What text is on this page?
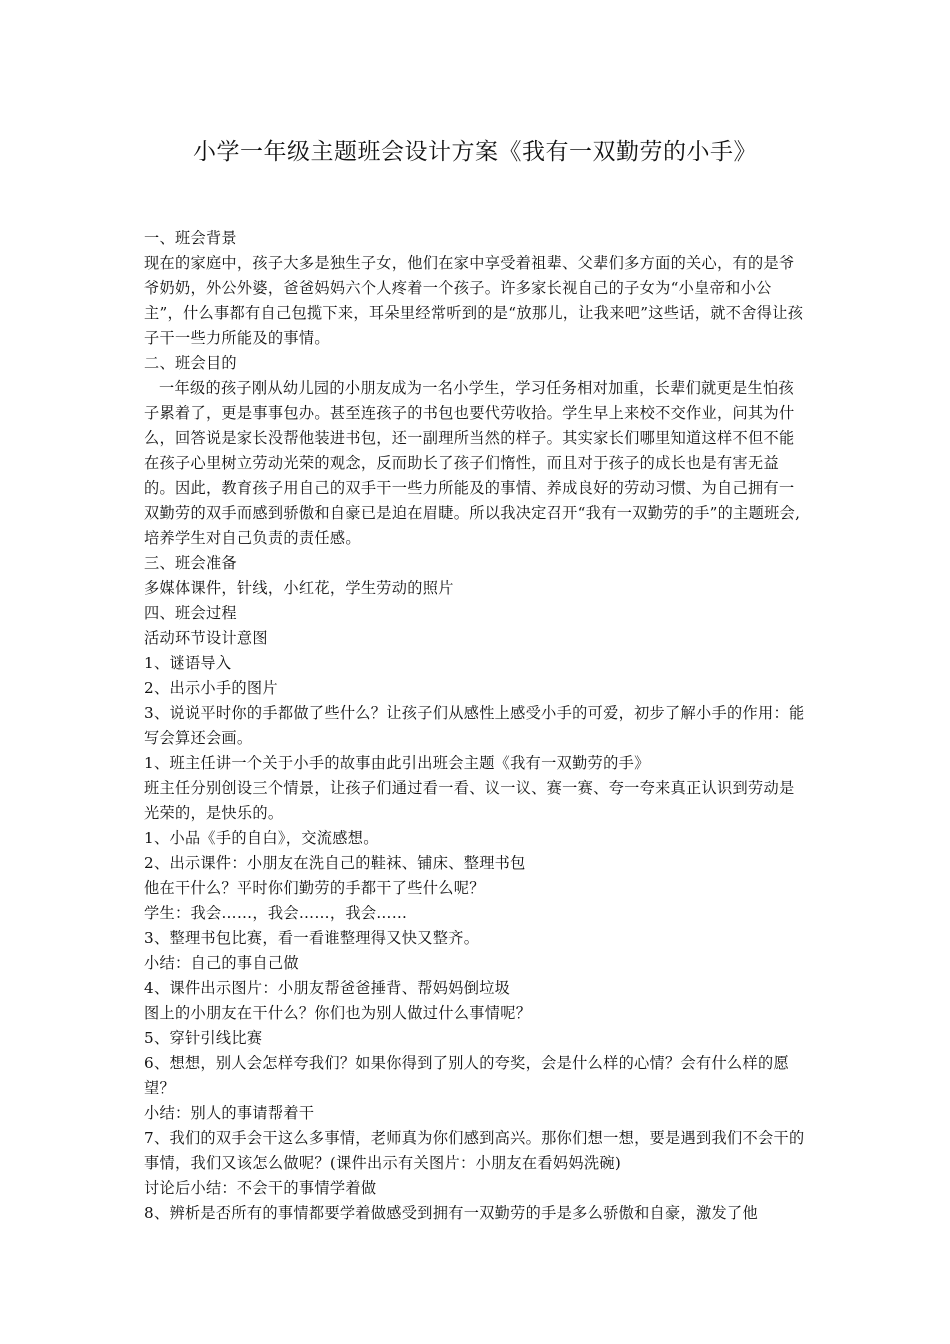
小学一年级主题班会设计方案《我有一双勤劳的小手》

一、班会背景

现在的家庭中，孩子大多是独生子女，他们在家中享受着祖辈、父辈们多方面的关心，有的是爷爷奶奶，外公外婆，爸爸妈妈六个人疼着一个孩子。许多家长视自己的子女为“小皇帝和小公主”，什么事都有自己包揽下来，耳朵里经常听到的是“放那儿，让我来吧”这些话，就不舍得让孩子干一些力所能及的事情。

二、班会目的

一年级的孩子刚从幼儿园的小朋友成为一名小学生，学习任务相对加重，长辈们就更是生怕孩子累着了，更是事事包办。甚至连孩子的书包也要代劳收拾。学生早上来校不交作业，问其为什么，回答说是家长没帮他装进书包，还一副理所当然的样子。其实家长们哪里知道这样不但不能在孩子心里树立劳动光荣的观念，反而助长了孩子们惰性，而且对于孩子的成长也是有害无益的。因此，教育孩子用自己的双手干一些力所能及的事情、养成良好的劳动习惯、为自己拥有一双勤劳的双手而感到骄傲和自豪已是迫在眉睫。所以我决定召开“我有一双勤劳的手”的主题班会,培养学生对自己负责的责任感。

三、班会准备

多媒体课件，针线，小红花，学生劳动的照片

四、班会过程

活动环节设计意图

1、谜语导入

2、出示小手的图片

3、说说平时你的手都做了些什么？让孩子们从感性上感受小手的可爱，初步了解小手的作用：能写会算还会画。

1、班主任讲一个关于小手的故事由此引出班会主题《我有一双勤劳的手》

班主任分别创设三个情景，让孩子们通过看一看、议一议、赛一赛、夸一夸来真正认识到劳动是光荣的，是快乐的。

1、小品《手的自白》，交流感想。

2、出示课件：小朋友在洗自己的鞋袜、铺床、整理书包

他在干什么？平时你们勤劳的手都干了些什么呢？

学生：我会……，我会……，我会……

3、整理书包比赛，看一看谁整理得又快又整齐。

小结：自己的事自己做

4、课件出示图片：小朋友帮爸爸捶背、帮妈妈倒垃圾

图上的小朋友在干什么？你们也为别人做过什么事情呢？

5、穿针引线比赛

6、想想，别人会怎样夸我们？如果你得到了别人的夸奖，会是什么样的心情？会有什么样的愿望？

小结：别人的事请帮着干

7、我们的双手会干这么多事情，老师真为你们感到高兴。那你们想一想，要是遇到我们不会干的事情，我们又该怎么做呢？(课件出示有关图片：小朋友在看妈妈洗碗)

讨论后小结：不会干的事情学着做

8、辨析是否所有的事情都要学着做感受到拥有一双勤劳的手是多么骄傲和自豪，激发了他
